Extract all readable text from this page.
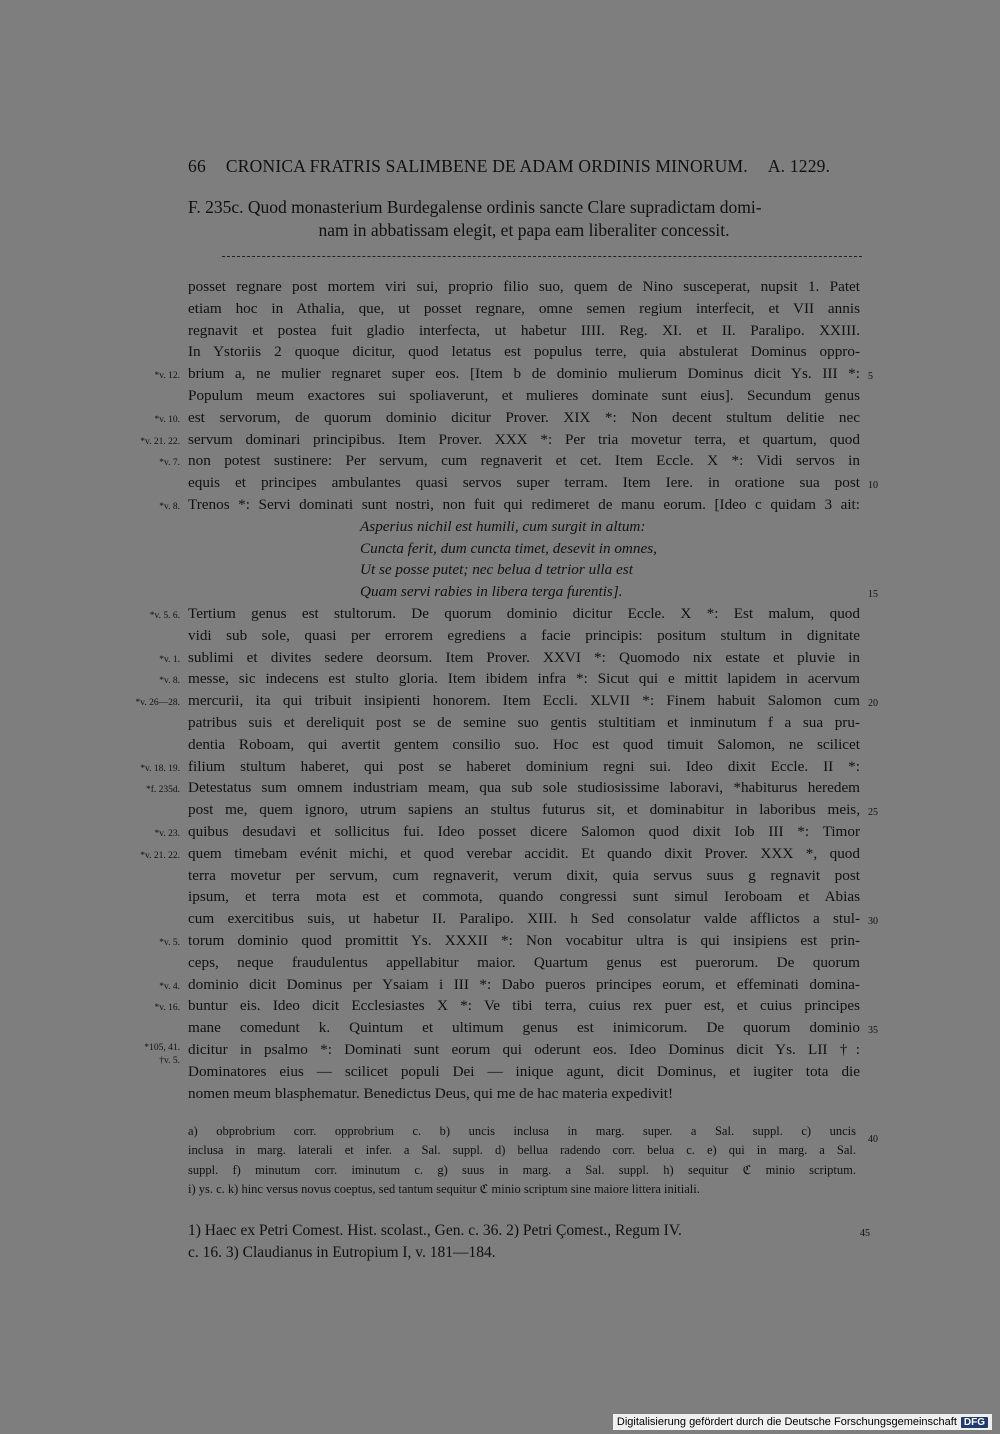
66 CRONICA FRATRIS SALIMBENE DE ADAM ORDINIS MINORUM. A. 1229.
F. 235c. Quod monasterium Burdegalense ordinis sancte Clare supradictam domi-
nam in abbatissam elegit, et papa eam liberaliter concessit.
posset regnare post mortem viri sui, proprio filio suo, quem de Nino susceperat, nupsit 1. Patet
etiam hoc in Athalia, que, ut posset regnare, omne semen regium interfecit, et VII annis
regnavit et postea fuit gladio interfecta, ut habetur IIII. Reg. XI. et II. Paralipo. XXIII.
In Ystoriis 2 quoque dicitur, quod letatus est populus terre, quia abstulerat Dominus oppro-
brium a, ne mulier regnaret super eos. [Item b de dominio mulierum Dominus dicit Ys. III *:
Populum meum exactores sui spoliaverunt, et mulieres dominate sunt eius]. Secundum genus
est servorum, de quorum dominio dicitur Prover. XIX *: Non decent stultum delitie nec
servum dominari principibus. Item Prover. XXX *: Per tria movetur terra, et quartum, quod
non potest sustinere: Per servum, cum regnaverit et cet. Item Eccle. X *: Vidi servos in
equis et principes ambulantes quasi servos super terram. Item Iere. in oratione sua post
Trenos *: Servi dominati sunt nostri, non fuit qui redimeret de manu eorum. [Ideo c quidam 3 ait:
Asperius nichil est humili, cum surgit in altum:
Cuncta ferit, dum cuncta timet, desevit in omnes,
Ut se posse putet; nec belua d tetrior ulla est
Quam servi rabies in libera terga furentis].
Tertium genus est stultorum. De quorum dominio dicitur Eccle. X *: Est malum, quod
vidi sub sole, quasi per errorem egrediens a facie principis: positum stultum in dignitate
sublimi et divites sedere deorsum. Item Prover. XXVI *: Quomodo nix estate et pluvie in
messe, sic indecens est stulto gloria. Item ibidem infra *: Sicut qui e mittit lapidem in acervum
mercurii, ita qui tribuit insipienti honorem. Item Eccli. XLVII *: Finem habuit Salomon cum
patribus suis et dereliquit post se de semine suo gentis stultitiam et inminutum f a sua pru-
dentia Roboam, qui avertit gentem consilio suo. Hoc est quod timuit Salomon, ne scilicet
filium stultum haberet, qui post se haberet dominium regni sui. Ideo dixit Eccle. II *:
Detestatus sum omnem industriam meam, qua sub sole studiosissime laboravi, *habiturus heredem
post me, quem ignoro, utrum sapiens an stultus futurus sit, et dominabitur in laboribus meis,
quibus desudavi et sollicitus fui. Ideo posset dicere Salomon quod dixit Iob III *: Timor
quem timebam evénit michi, et quod verebar accidit. Et quando dixit Prover. XXX *, quod
terra movetur per servum, cum regnaverit, verum dixit, quia servus suus g regnavit post
ipsum, et terra mota est et commota, quando congressi sunt simul Ieroboam et Abias
cum exercitibus suis, ut habetur II. Paralipo. XIII. h Sed consolatur valde afflictos a stul-
torum dominio quod promittit Ys. XXXII *: Non vocabitur ultra is qui insipiens est prin-
ceps, neque fraudulentus appellabitur maior. Quartum genus est puerorum. De quorum
dominio dicit Dominus per Ysaiam i III *: Dabo pueros principes eorum, et effeminati domina-
buntur eis. Ideo dicit Ecclesiastes X *: Ve tibi terra, cuius rex puer est, et cuius principes
mane comedunt k. Quintum et ultimum genus est inimicorum. De quorum dominio
dicitur in psalmo *: Dominati sunt eorum qui oderunt eos. Ideo Dominus dicit Ys. LII †:
Dominatores eius — scilicet populi Dei — inique agunt, dicit Dominus, et iugiter tota die
nomen meum blasphematur. Benedictus Deus, qui me de hac materia expedivit!
5
10
15
20
25
30
35
40
*v. 12.
*v. 10.
*v. 21. 22.
*v. 7.
*v. 8.
*v. 5. 6.
*v. 1.
*v. 8.
*v. 26—28.
*v. 18. 19.
*f. 235d.
*v. 23.
*v. 21. 22.
*v. 5.
*v. 4.
*v. 16.
*105, 41.
†v. 5.
a) obprobrium corr. opprobrium c. b) uncis inclusa in marg. super. a Sal. suppl. c) uncis
inclusa in marg. laterali et infer. a Sal. suppl. d) bellua radendo corr. belua c. e) qui in marg. a Sal.
suppl. f) minutum corr. iminutum c. g) suus in marg. a Sal. suppl. h) sequitur ℭ minio scriptum.
i) ys. c. k) hinc versus novus coeptus, sed tantum sequitur ℭ minio scriptum sine maiore littera initiali.
1) Haec ex Petri Comest. Hist. scolast., Gen. c. 36. 2) Petri Çomest., Regum IV.
c. 16. 3) Claudianus in Eutropium I, v. 181—184.
45
Digitalisierung gefördert durch die Deutsche Forschungsgemeinschaft DFG
